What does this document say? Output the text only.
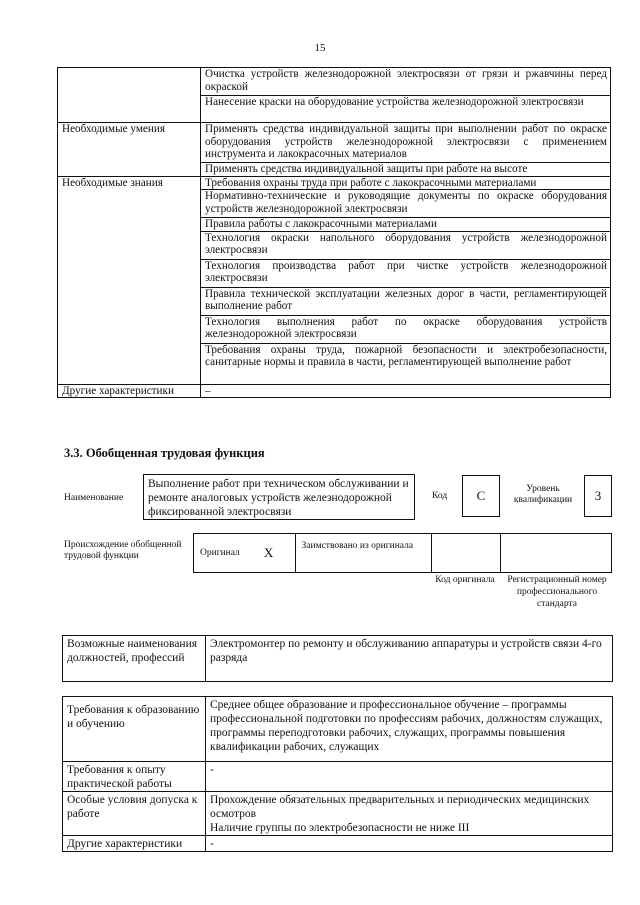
15
	Очистка устройств железнодорожной электросвязи от грязи и ржавчины перед окраской
	Нанесение краски на оборудование устройства железнодорожной электросвязи
Необходимые умения	Применять средства индивидуальной защиты при выполнении работ по окраске оборудования устройств железнодорожной электросвязи с применением инструмента и лакокрасочных материалов
	Применять средства индивидуальной защиты при работе на высоте
Необходимые знания	Требования охраны труда при работе с лакокрасочными материалами
	Нормативно-технические и руководящие документы по окраске оборудования устройств железнодорожной электросвязи
	Правила работы с лакокрасочными материалами
	Технология окраски напольного оборудования устройств железнодорожной электросвязи
	Технология производства работ при чистке устройств железнодорожной электросвязи
	Правила технической эксплуатации железных дорог в части, регламентирующей выполнение работ
	Технология выполнения работ по окраске оборудования устройств железнодорожной электросвязи
	Требования охраны труда, пожарной безопасности и электробезопасности, санитарные нормы и правила в части, регламентирующей выполнение работ
Другие характеристики	–
3.3. Обобщенная трудовая функция
Наименование
Выполнение работ при техническом обслуживании и ремонте аналоговых устройств железнодорожной фиксированной электросвязи
Код	С	Уровень квалификации	3
Происхождение обобщенной трудовой функции	Оригинал X	Заимствовано из оригинала
Код оригинала	Регистрационный номер профессионального стандарта
Возможные наименования должностей, профессий	Электромонтер по ремонту и обслуживанию аппаратуры и устройств связи 4-го разряда
Требования к образованию и обучению	Среднее общее образование и профессиональное обучение – программы профессиональной подготовки по профессиям рабочих, должностям служащих, программы переподготовки рабочих, служащих, программы повышения квалификации рабочих, служащих
Требования к опыту практической работы	-
Особые условия допуска к работе	Прохождение обязательных предварительных и периодических медицинских осмотров
Наличие группы по электробезопасности не ниже III

Другие характеристики	-
